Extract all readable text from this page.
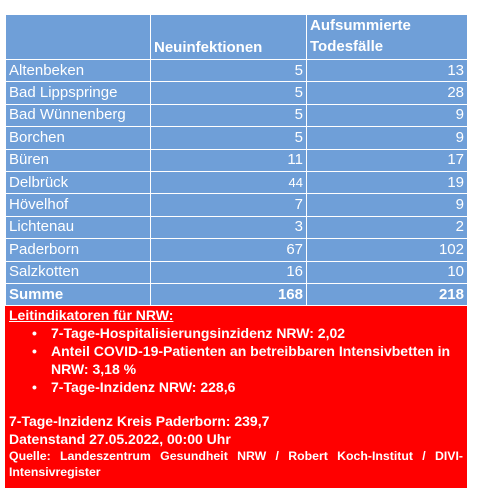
	Neuinfektionen	Aufsummierte Todesfälle
Altenbeken	5	13
Bad Lippspringe	5	28
Bad Wünnenberg	5	9
Borchen	5	9
Büren	11	17
Delbrück	44	19
Hövelhof	7	9
Lichtenau	3	2
Paderborn	67	102
Salzkotten	16	10
Summe	168	218
Leitindikatoren für NRW:
• 7-Tage-Hospitalisierungsinzidenz NRW: 2,02
• Anteil COVID-19-Patienten an betreibbaren Intensivbetten in NRW: 3,18 %
• 7-Tage-Inzidenz NRW: 228,6
7-Tage-Inzidenz Kreis Paderborn: 239,7
Datenstand 27.05.2022, 00:00 Uhr
Quelle: Landeszentrum Gesundheit NRW / Robert Koch-Institut / DIVI-Intensivregister
